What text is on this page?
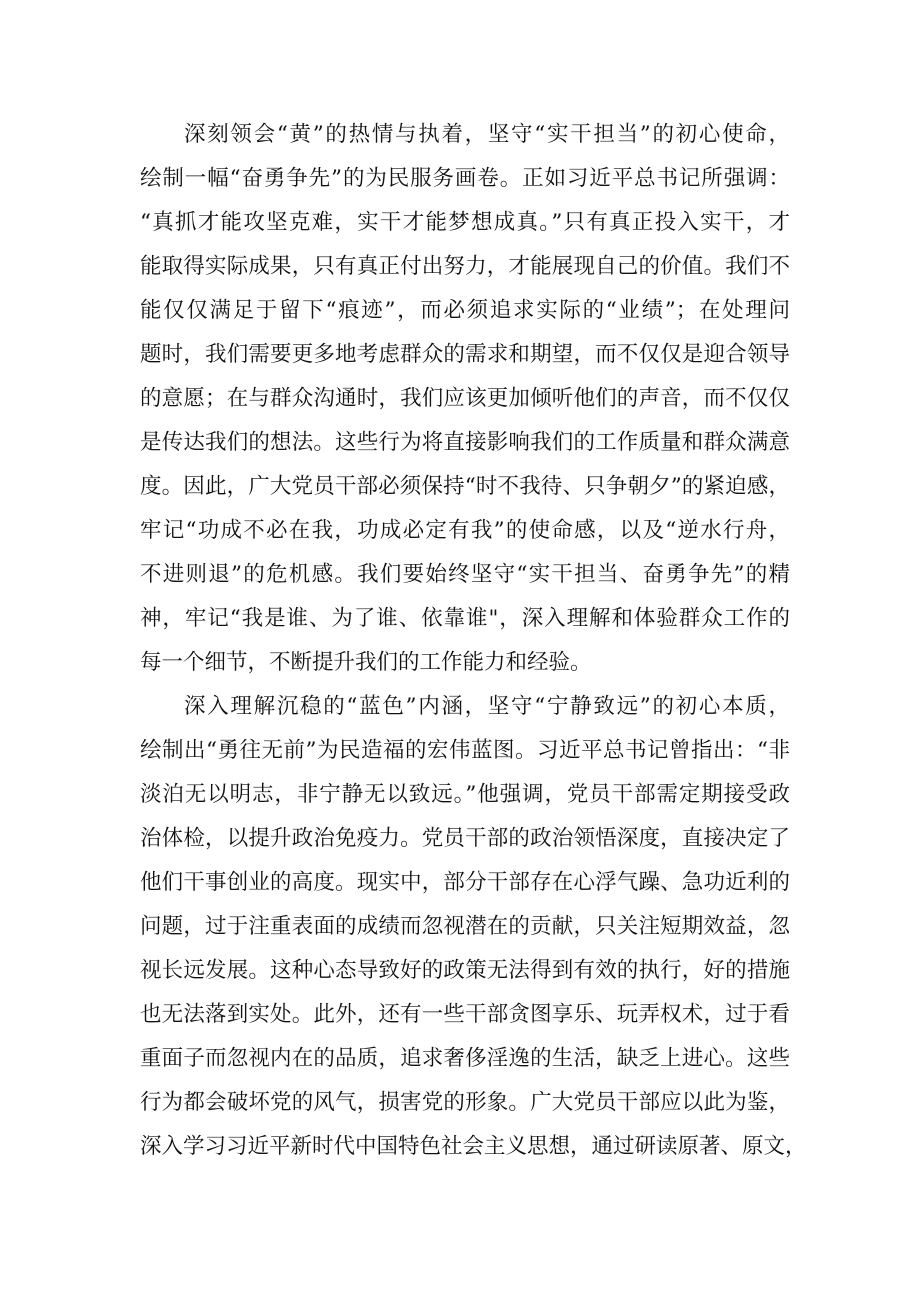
深刻领会“黄”的热情与执着，坚守“实干担当”的初心使命，
绘制一幅“奋勇争先”的为民服务画卷。正如习近平总书记所强调：
“真抓才能攻坚克难，实干才能梦想成真。”只有真正投入实干，才
能取得实际成果，只有真正付出努力，才能展现自己的价值。我们不
能仅仅满足于留下“痕迹”，而必须追求实际的“业绩”；在处理问
题时，我们需要更多地考虑群众的需求和期望，而不仅仅是迎合领导
的意愿；在与群众沟通时，我们应该更加倾听他们的声音，而不仅仅
是传达我们的想法。这些行为将直接影响我们的工作质量和群众满意
度。因此，广大党员干部必须保持“时不我待、只争朝夕”的紧迫感，
牢记“功成不必在我，功成必定有我”的使命感，以及“逆水行舟，
不进则退”的危机感。我们要始终坚守“实干担当、奋勇争先”的精
神，牢记“我是谁、为了谁、依靠谁"，深入理解和体验群众工作的
每一个细节，不断提升我们的工作能力和经验。
深入理解沉稳的“蓝色”内涵，坚守“宁静致远”的初心本质，
绘制出“勇往无前”为民造福的宏伟蓝图。习近平总书记曾指出：“非
淡泊无以明志，非宁静无以致远。”他强调，党员干部需定期接受政
治体检，以提升政治免疫力。党员干部的政治领悟深度，直接决定了
他们干事创业的高度。现实中，部分干部存在心浮气躁、急功近利的
问题，过于注重表面的成绩而忽视潜在的贡献，只关注短期效益，忽
视长远发展。这种心态导致好的政策无法得到有效的执行，好的措施
也无法落到实处。此外，还有一些干部贪图享乐、玩弄权术，过于看
重面子而忽视内在的品质，追求奢侈淫逸的生活，缺乏上进心。这些
行为都会破坏党的风气，损害党的形象。广大党员干部应以此为鉴，
深入学习习近平新时代中国特色社会主义思想，通过研读原著、原文，
